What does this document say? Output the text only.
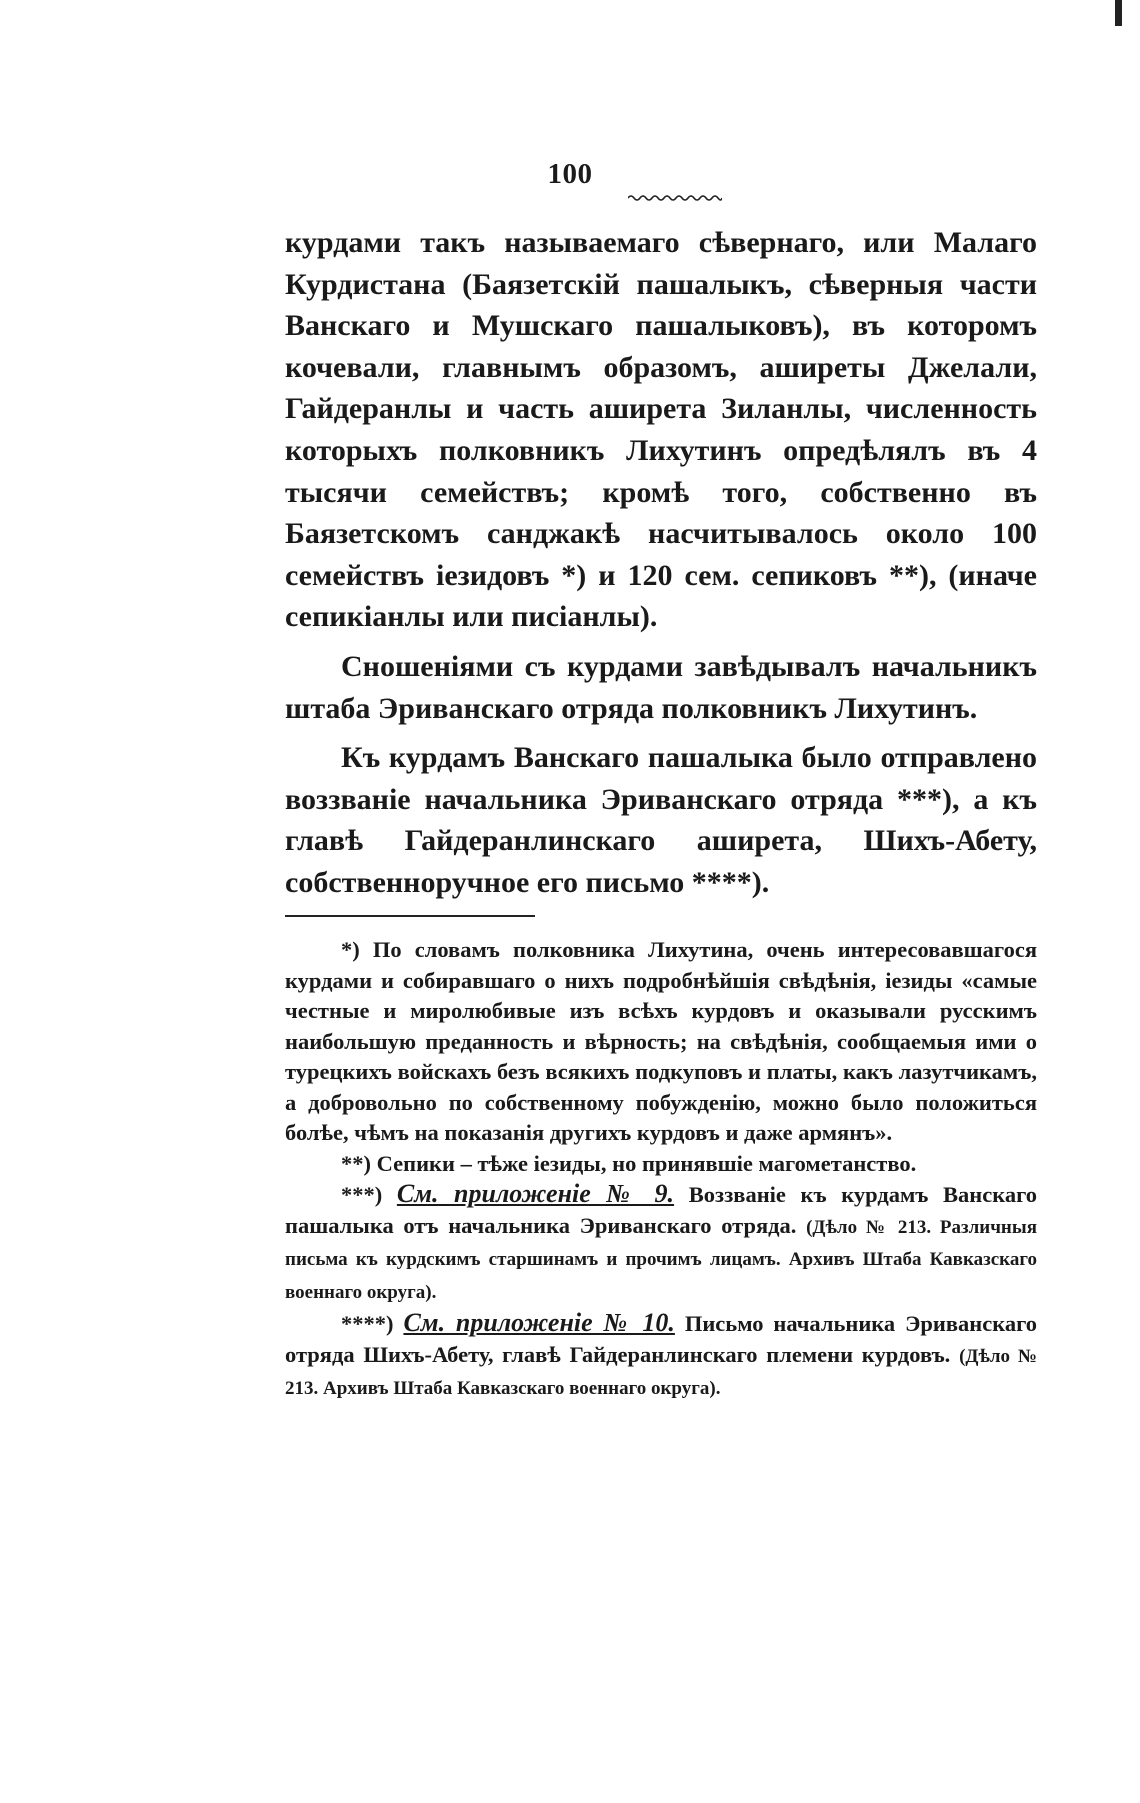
100

курдами такъ называемаго сѣвернаго, или Малаго Курдистана (Баязетскій пашалыкъ, сѣверныя части Ванскаго и Мушскаго пашалыковъ), въ которомъ кочевали, главнымъ образомъ, аширеты Джелали, Гайдеранлы и часть аширета Зиланлы, численность которыхъ полковникъ Лихутинъ опредѣлялъ въ 4 тысячи семействъ; кромѣ того, собственно въ Баязетскомъ санджакѣ насчитывалось около 100 семействъ іезидовъ *) и 120 сем. сепиковъ **), (иначе сепикіанлы или писіанлы).

Сношеніями съ курдами завѣдывалъ начальникъ штаба Эриванскаго отряда полковникъ Лихутинъ.

Къ курдамъ Ванскаго пашалыка было отправлено воззваніе начальника Эриванскаго отряда ***), а къ главѣ Гайдеранлинскаго аширета, Шихъ-Абету, собственноручное его письмо ****).

*) По словамъ полковника Лихутина, очень интересовавшагося курдами и собиравшаго о нихъ подробнѣйшія свѣдѣнія, іезиды «самые честные и миролюбивые изъ всѣхъ курдовъ и оказывали русскимъ наибольшую преданность и вѣрность; на свѣдѣнія, сообщаемыя ими о турецкихъ войскахъ безъ всякихъ подкуповъ и платы, какъ лазутчикамъ, а добровольно по собственному побужденію, можно было положиться болѣе, чѣмъ на показанія другихъ курдовъ и даже армянъ».

**) Сепики – тѣже іезиды, но принявшіе магометанство.

***) См. приложеніе № 9. Воззваніе къ курдамъ Ванскаго пашалыка отъ начальника Эриванскаго отряда. (Дѣло № 213. Различныя письма къ курдскимъ старшинамъ и прочимъ лицамъ. Архивъ Штаба Кавказскаго военнаго округа).

****) См. приложеніе № 10. Письмо начальника Эриванскаго отряда Шихъ-Абету, главѣ Гайдеранлинскаго племени курдовъ. (Дѣло № 213. Архивъ Штаба Кавказскаго военнаго округа).
